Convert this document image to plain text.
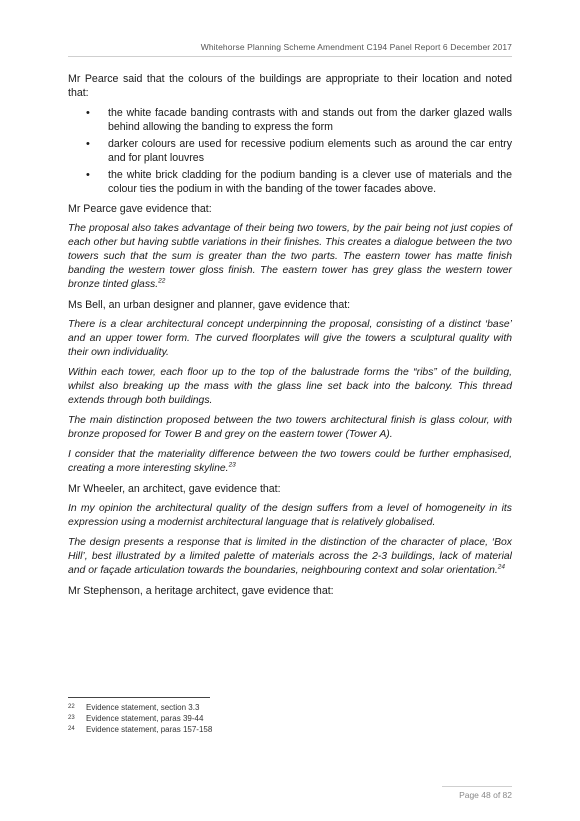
Whitehorse Planning Scheme Amendment C194 Panel Report 6 December 2017

Mr Pearce said that the colours of the buildings are appropriate to their location and noted that:

• the white facade banding contrasts with and stands out from the darker glazed walls behind allowing the banding to express the form
• darker colours are used for recessive podium elements such as around the car entry and for plant louvres
• the white brick cladding for the podium banding is a clever use of materials and the colour ties the podium in with the banding of the tower facades above.

Mr Pearce gave evidence that:

The proposal also takes advantage of their being two towers, by the pair being not just copies of each other but having subtle variations in their finishes. This creates a dialogue between the two towers such that the sum is greater than the two parts. The eastern tower has matte finish banding the western tower gloss finish. The eastern tower has grey glass the western tower bronze tinted glass.$^{22}$

Ms Bell, an urban designer and planner, gave evidence that:

There is a clear architectural concept underpinning the proposal, consisting of a distinct ‘base’ and an upper tower form. The curved floorplates will give the towers a sculptural quality with their own individuality.

Within each tower, each floor up to the top of the balustrade forms the “ribs” of the building, whilst also breaking up the mass with the glass line set back into the balcony. This thread extends through both buildings.

The main distinction proposed between the two towers architectural finish is glass colour, with bronze proposed for Tower B and grey on the eastern tower (Tower A).

I consider that the materiality difference between the two towers could be further emphasised, creating a more interesting skyline.$^{23}$

Mr Wheeler, an architect, gave evidence that:

In my opinion the architectural quality of the design suffers from a level of homogeneity in its expression using a modernist architectural language that is relatively globalised.

The design presents a response that is limited in the distinction of the character of place, ‘Box Hill’, best illustrated by a limited palette of materials across the 2-3 buildings, lack of material and or façade articulation towards the boundaries, neighbouring context and solar orientation.$^{24}$

Mr Stephenson, a heritage architect, gave evidence that:

22	Evidence statement, section 3.3
23	Evidence statement, paras 39-44
24	Evidence statement, paras 157-158
Page 48 of 82
